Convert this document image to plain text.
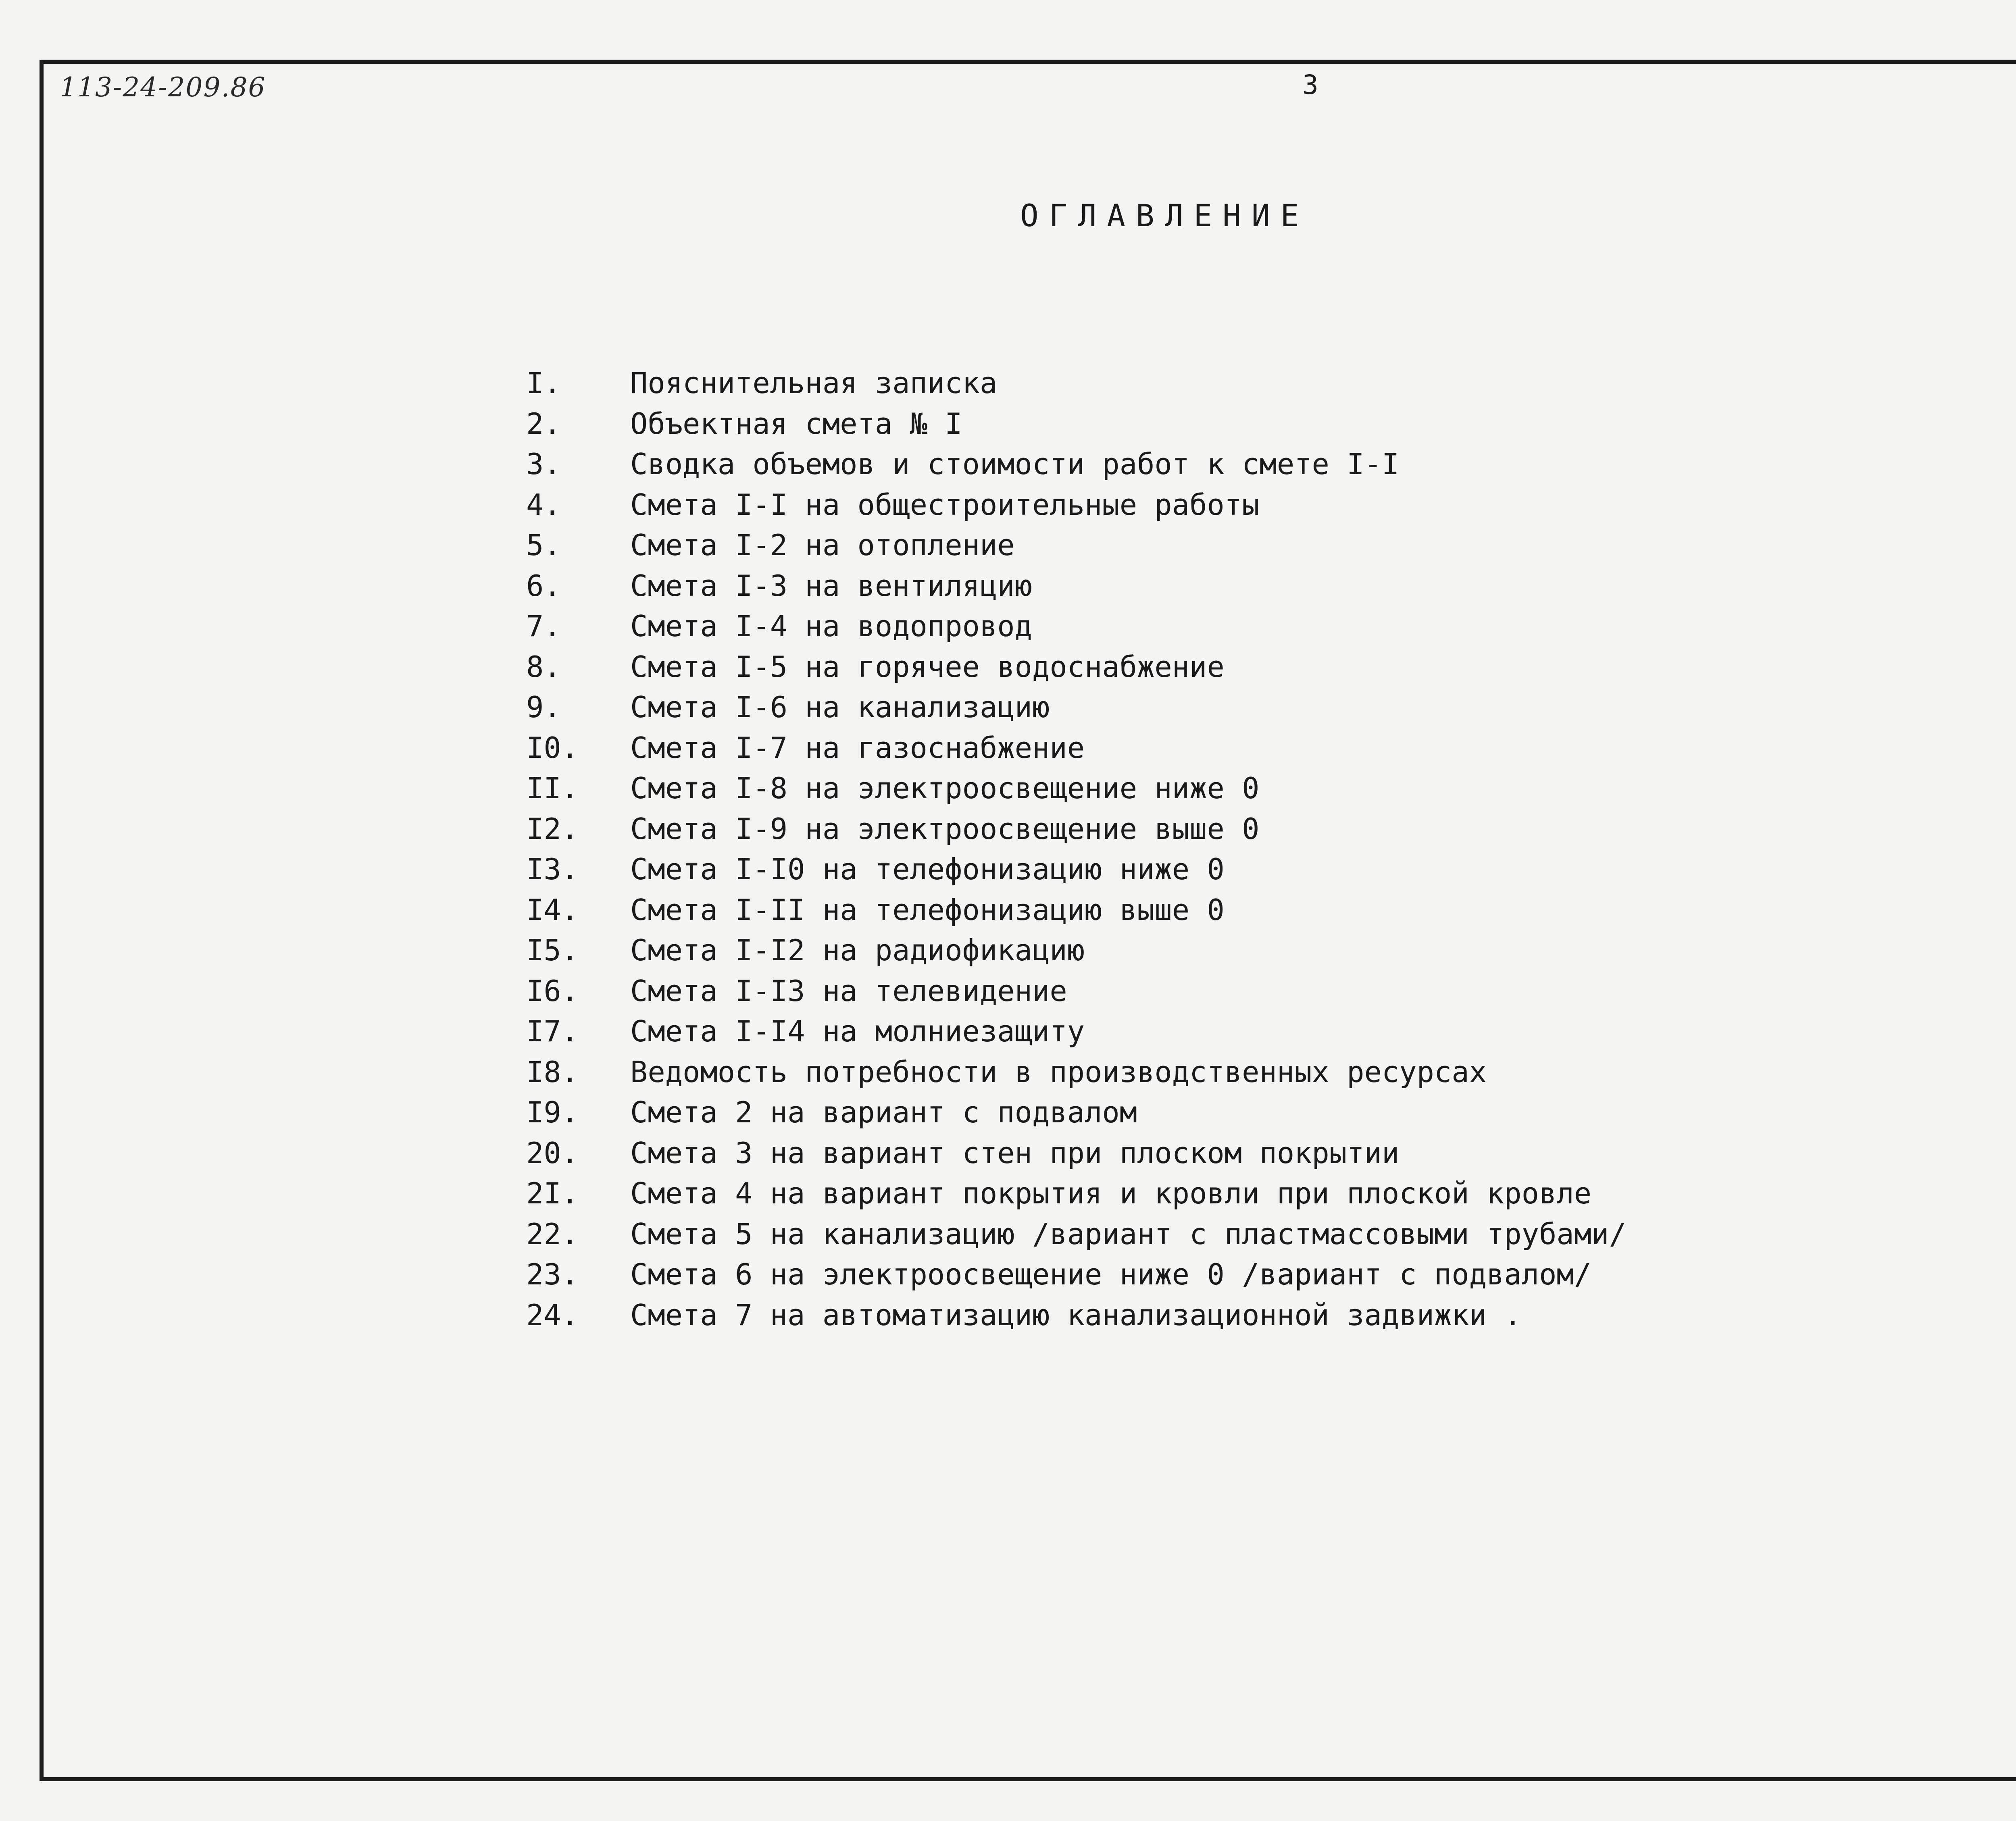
113-24-209.86	3
ОГЛАВЛЕНИЕ
I. Пояснительная записка
2. Объектная смета № I
3. Сводка объемов и стоимости работ к смете I-I
4. Смета I-I на общестроительные работы
5. Смета I-2 на отопление
6. Смета I-3 на вентиляцию
7. Смета I-4 на водопровод
8. Смета I-5 на горячее водоснабжение
9. Смета I-6 на канализацию
I0. Смета I-7 на газоснабжение
II. Смета I-8 на электроосвещение ниже 0
I2. Смета I-9 на электроосвещение выше 0
I3. Смета I-I0 на телефонизацию ниже 0
I4. Смета I-II на телефонизацию выше 0
I5. Смета I-I2 на радиофикацию
I6. Смета I-I3 на телевидение
I7. Смета I-I4 на молниезащиту
I8. Ведомость потребности в производственных ресурсах
I9. Смета 2 на вариант с подвалом
20. Смета 3 на вариант стен при плоском покрытии
2I. Смета 4 на вариант покрытия и кровли при плоской кровле
22. Смета 5 на канализацию /вариант с пластмассовыми трубами/
23. Смета 6 на электроосвещение ниже 0 /вариант с подвалом/
24. Смета 7 на автоматизацию канализационной задвижки .
